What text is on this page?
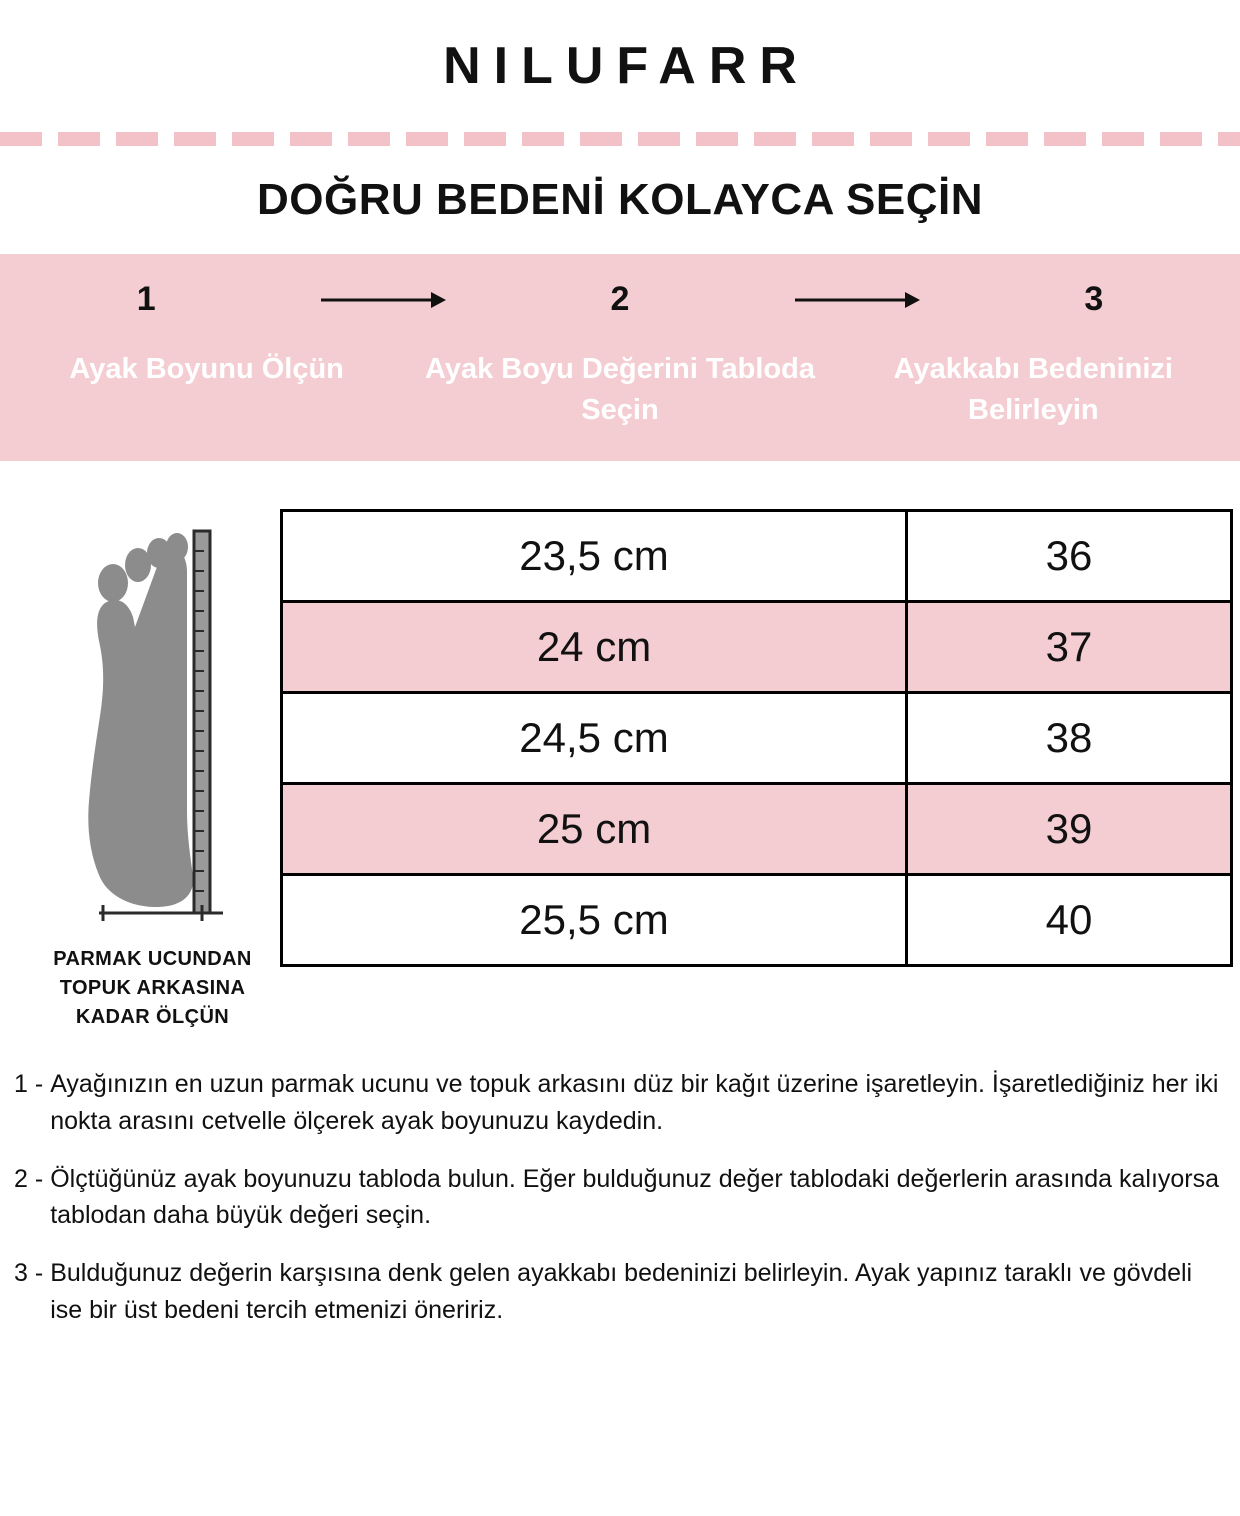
NILUFARR
DOĞRU BEDENİ KOLAYCA SEÇİN
1	2	3
Ayak Boyunu Ölçün	Ayak Boyu Değerini Tabloda Seçin
Ayakkabı Bedeninizi Belirleyin
PARMAK UCUNDAN TOPUK ARKASINA KADAR ÖLÇÜN
23,5 cm	36
24 cm	37
24,5 cm	38
25 cm	39
25,5 cm	40
1 - Ayağınızın en uzun parmak ucunu ve topuk arkasını düz bir kağıt üzerine işaretleyin. İşaretlediğiniz her iki nokta arasını cetvelle ölçerek ayak boyunuzu kaydedin.
2 - Ölçtüğünüz ayak boyunuzu tabloda bulun. Eğer bulduğunuz değer tablodaki değerlerin arasında kalıyorsa tablodan daha büyük değeri seçin.
3 - Bulduğunuz değerin karşısına denk gelen ayakkabı bedeninizi belirleyin. Ayak yapınız taraklı ve gövdeli ise bir üst bedeni tercih etmenizi öneririz.
